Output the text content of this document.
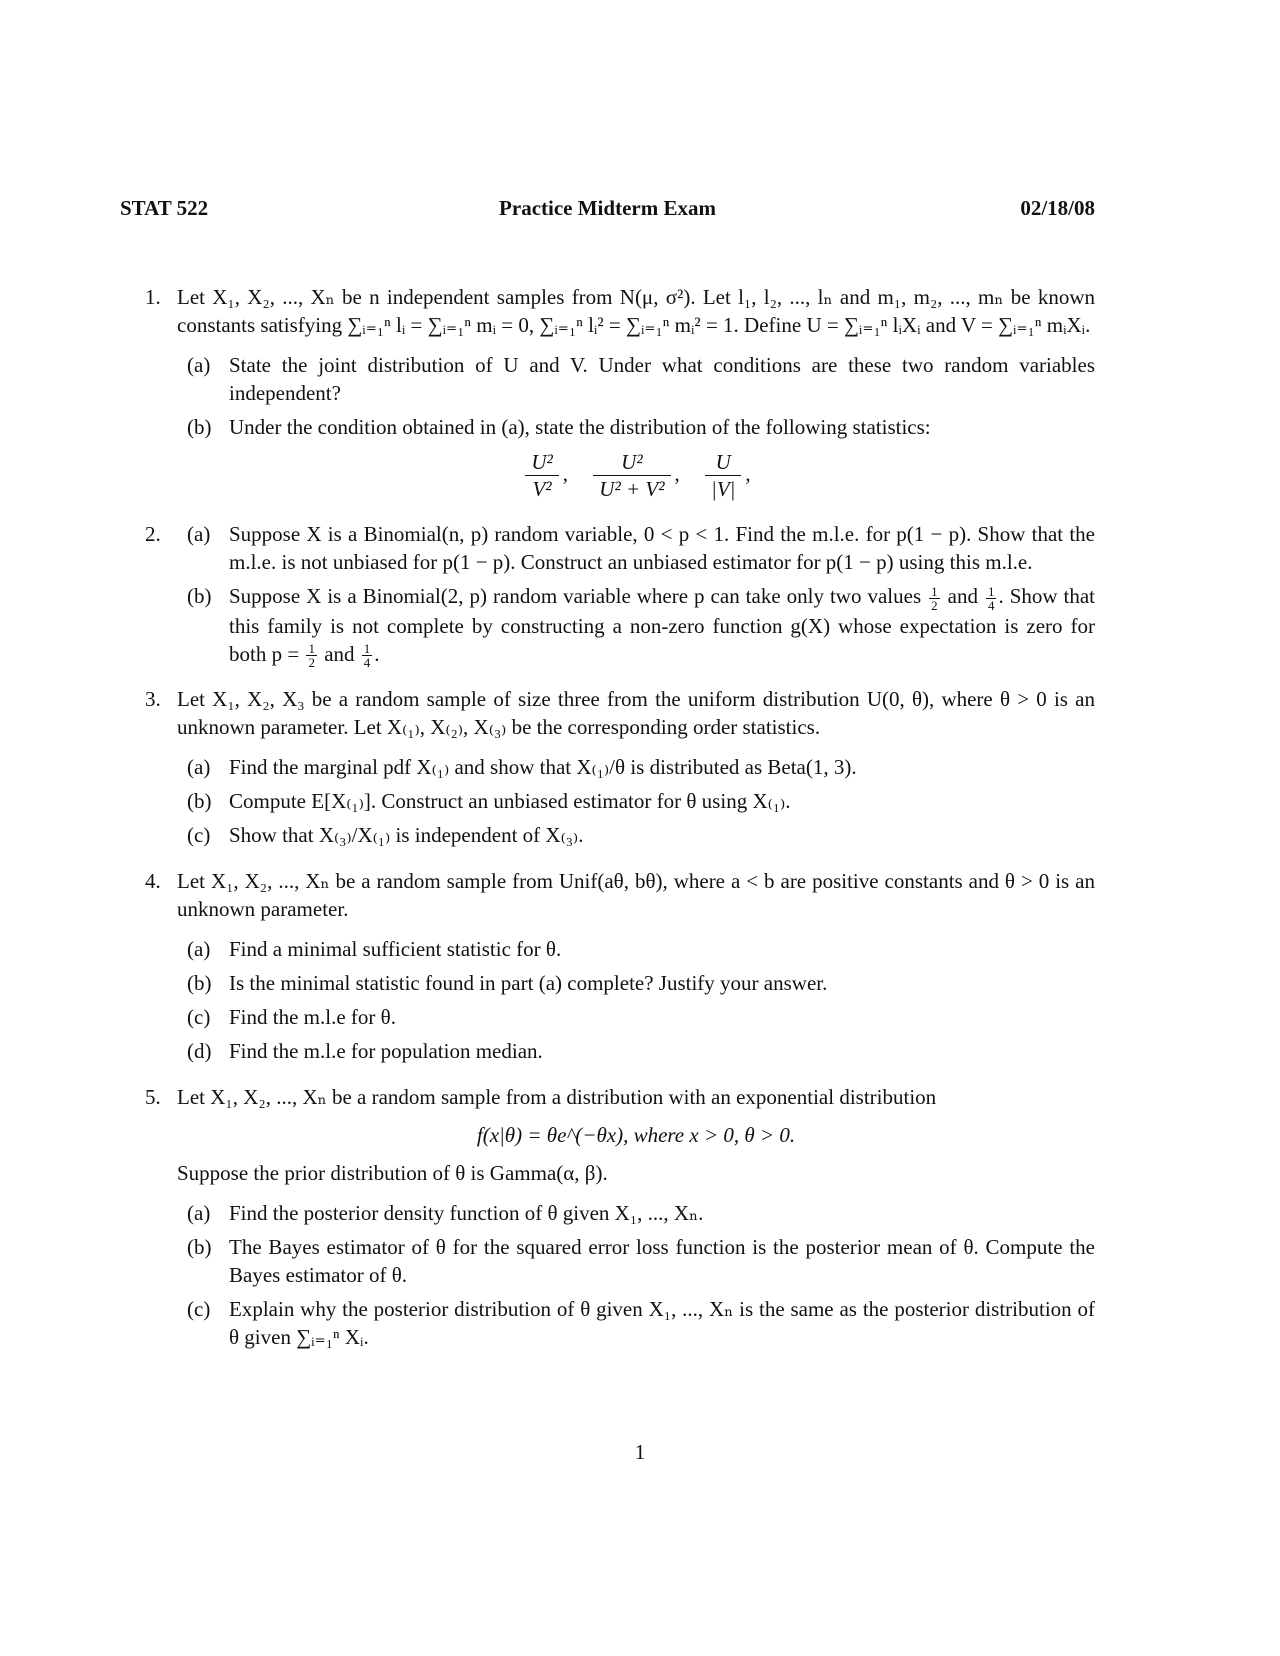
STAT 522	Practice Midterm Exam	02/18/08
1. Let X₁, X₂, ..., Xₙ be n independent samples from N(μ, σ²). Let l₁, l₂, ..., lₙ and m₁, m₂, ..., mₙ be known constants satisfying ∑ᵢ₌₁ⁿ lᵢ = ∑ᵢ₌₁ⁿ mᵢ = 0, ∑ᵢ₌₁ⁿ lᵢ² = ∑ᵢ₌₁ⁿ mᵢ² = 1. Define U = ∑ᵢ₌₁ⁿ lᵢXᵢ and V = ∑ᵢ₌₁ⁿ mᵢXᵢ.
(a) State the joint distribution of U and V. Under what conditions are these two random variables independent?
(b) Under the condition obtained in (a), state the distribution of the following statistics:
$\frac{\text{U²}}{\text{V²}}$ , $\frac{\text{U²}}{\text{U² + V²}}$ , $\frac{U}{|V|}$ ,
2. (a) Suppose X is a Binomial(n, p) random variable, 0 < p < 1. Find the m.l.e. for p(1 − p). Show that the m.l.e. is not unbiased for p(1 − p). Construct an unbiased estimator for p(1 − p) using this m.l.e.
(b) Suppose X is a Binomial(2, p) random variable where p can take only two values $\frac{1}{2}$ and $\frac{1}{4}$ . Show that this family is not complete by constructing a non-zero function g(X) whose expectation is zero for both $p = \frac{1}{2}$ and $\frac{1}{4}$ .
3. Let X₁, X₂, X₃ be a random sample of size three from the uniform distribution U(0, θ), where θ > 0 is an unknown parameter. Let X₍₁₎, X₍₂₎, X₍₃₎ be the corresponding order statistics.
(a) Find the marginal pdf X₍₁₎ and show that X₍₁₎/θ is distributed as Beta(1, 3).
(b) Compute E[X₍₁₎]. Construct an unbiased estimator for θ using X₍₁₎.
(c) Show that X₍₃₎/X₍₁₎ is independent of X₍₃₎.
4. Let X₁, X₂, ..., Xₙ be a random sample from Unif(aθ, bθ), where a < b are positive constants and θ > 0 is an unknown parameter.
(a) Find a minimal sufficient statistic for θ.
(b) Is the minimal statistic found in part (a) complete? Justify your answer.
(c) Find the m.l.e for θ.
(d) Find the m.l.e for population median.
5. Let X₁, X₂, ..., Xₙ be a random sample from a distribution with an exponential distribution
f(x|θ) = θe^(−θx), where x > 0, θ > 0.
Suppose the prior distribution of θ is Gamma(α, β).
(a) Find the posterior density function of θ given X₁, ..., Xₙ.
(b) The Bayes estimator of θ for the squared error loss function is the posterior mean of θ. Compute the Bayes estimator of θ.
(c) Explain why the posterior distribution of θ given X₁, ..., Xₙ is the same as the posterior distribution of θ given ∑ᵢ₌₁ⁿ Xᵢ.
1
